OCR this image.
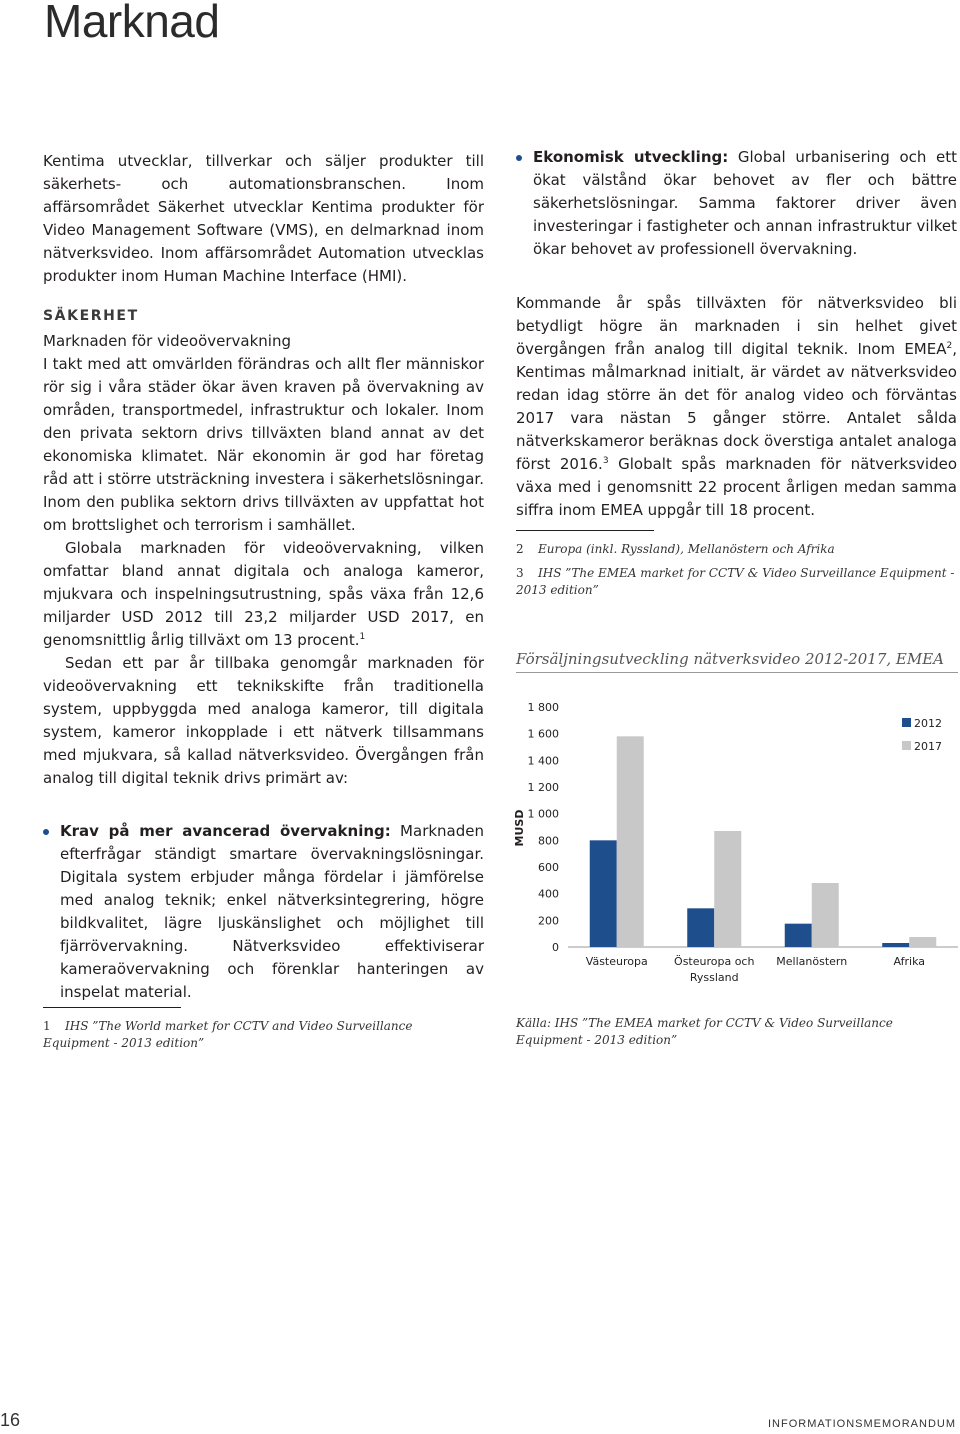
Marknad

Kentima utvecklar, tillverkar och säljer produkter till säkerhets- och automationsbranschen. Inom affärsområdet Säkerhet utvecklar Kentima produkter för Video Management Software (VMS), en delmarknad inom nätverksvideo. Inom affärsområdet Automation utvecklas produkter inom Human Machine Interface (HMI).

SÄKERHET

Marknaden för videoövervakning

I takt med att omvärlden förändras och allt fler människor rör sig i våra städer ökar även kraven på övervakning av områden, transportmedel, infrastruktur och lokaler. Inom den privata sektorn drivs tillväxten bland annat av det ekonomiska klimatet. När ekonomin är god har företag råd att i större utsträckning investera i säkerhetslösningar. Inom den publika sektorn drivs tillväxten av uppfattat hot om brottslighet och terrorism i samhället.

Globala marknaden för videoövervakning, vilken omfattar bland annat digitala och analoga kameror, mjukvara och inspelningsutrustning, spås växa från 12,6 miljarder USD 2012 till 23,2 miljarder USD 2017, en genomsnittlig årlig tillväxt om 13 procent.$^1$

Sedan ett par år tillbaka genomgår marknaden för videoövervakning ett teknikskifte från traditionella system, uppbyggda med analoga kameror, till digitala system, kameror inkopplade i ett nätverk tillsammans med mjukvara, så kallad nätverksvideo. Övergången från analog till digital teknik drivs primärt av:

Krav på mer avancerad övervakning: Marknaden efterfrågar ständigt smartare övervakningslösningar. Digitala system erbjuder många fördelar i jämförelse med analog teknik; enkel nätverksintegrering, högre bildkvalitet, lägre ljuskänslighet och möjlighet till fjärrövervakning. Nätverksvideo effektiviserar kameraövervakning och förenklar hanteringen av inspelat material.
1 IHS ”The World market for CCTV and Video Surveillance Equipment - 2013 edition”
Ekonomisk utveckling: Global urbanisering och ett ökat välstånd ökar behovet av fler och bättre säkerhetslösningar. Samma faktorer driver även investeringar i fastigheter och annan infrastruktur vilket ökar behovet av professionell övervakning.

Kommande år spås tillväxten för nätverksvideo bli betydligt högre än marknaden i sin helhet givet övergången från analog till digital teknik. Inom EMEA$^2$, Kentimas målmarknad initialt, är värdet av nätverksvideo redan idag större än det för analog video och förväntas 2017 vara nästan 5 gånger större. Antalet sålda nätverkskameror beräknas dock överstiga antalet analoga först 2016.$^3$ Globalt spås marknaden för nätverksvideo växa med i genomsnitt 22 procent årligen medan samma siffra inom EMEA uppgår till 18 procent.

2 Europa (inkl. Ryssland), Mellanöstern och Afrika
3 IHS ”The EMEA market for CCTV & Video Surveillance Equipment - 2013 edition”
Försäljningsutveckling nätverksvideo 2012-2017, EMEA
0
200
400
600
800
1 000
1 200
1 400
1 600
1 800
MUSD
Västeuropa Östeuropa och
Ryssland
Mellanöstern	Afrika
2012
2017
Källa: IHS ”The EMEA market for CCTV & Video Surveillance Equipment - 2013 edition”
16	INFORMATIONSMEMORANDUM
